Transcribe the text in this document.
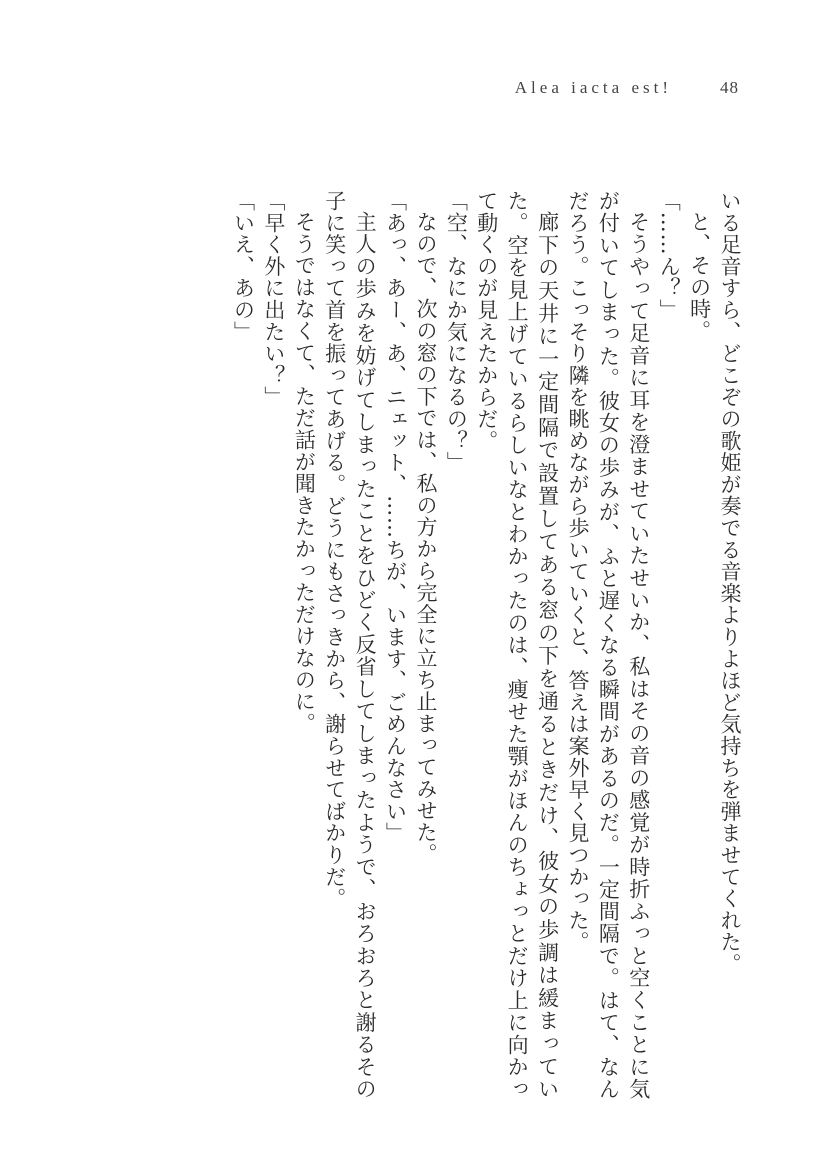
Alea iacta est!	48

いる足音すら、どこぞの歌姫が奏でる音楽よりよほど気持ちを弾ませてくれた。

と、その時。

「……ん？」

そうやって足音に耳を澄ませていたせいか、私はその音の感覚が時折ふっと空くことに気が付いてしまった。彼女の歩みが、ふと遅くなる瞬間があるのだ。一定間隔で。はて、なんだろう。こっそり隣を眺めながら歩いていくと、答えは案外早く見つかった。

廊下の天井に一定間隔で設置してある窓の下を通るときだけ、彼女の歩調は緩まっていた。空を見上げているらしいなとわかったのは、痩せた顎がほんのちょっとだけ上に向かって動くのが見えたからだ。

「空、なにか気になるの？」

なので、次の窓の下では、私の方から完全に立ち止まってみせた。

「あっ、あー、あ、ニェット、……ちが、います、ごめんなさい」

主人の歩みを妨げてしまったことをひどく反省してしまったようで、おろおろと謝るその子に笑って首を振ってあげる。どうにもさっきから、謝らせてばかりだ。

そうではなくて、ただ話が聞きたかっただけなのに。

「早く外に出たい？」

「いえ、あの」
